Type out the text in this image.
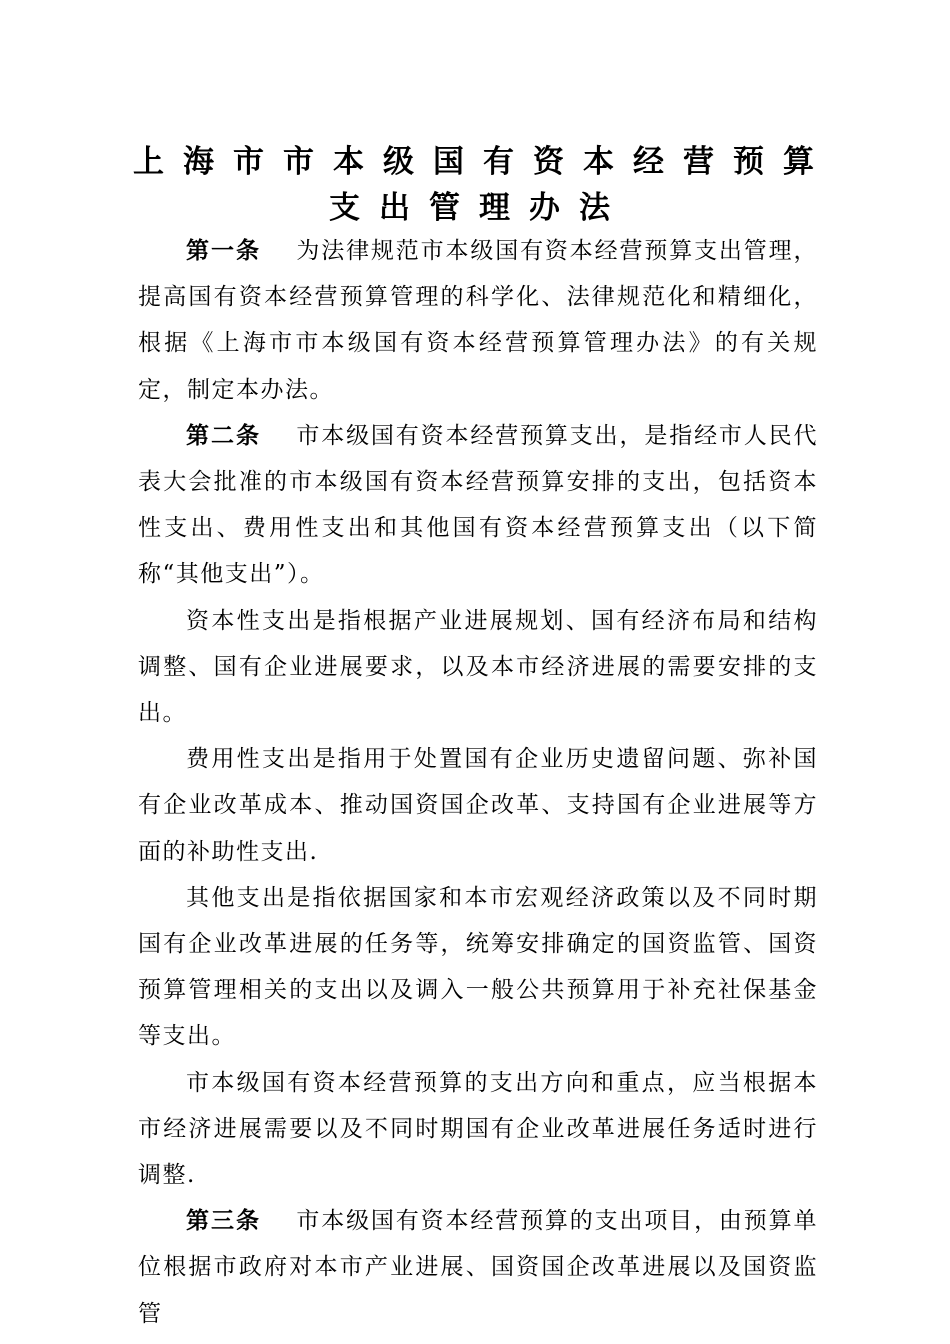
上海市市本级国有资本经营预算
支出管理办法

第一条 为法律规范市本级国有资本经营预算支出管理，提高国有资本经营预算管理的科学化、法律规范化和精细化，根据《上海市市本级国有资本经营预算管理办法》的有关规定，制定本办法。

第二条 市本级国有资本经营预算支出，是指经市人民代表大会批准的市本级国有资本经营预算安排的支出，包括资本性支出、费用性支出和其他国有资本经营预算支出（以下简称“其他支出”）。

资本性支出是指根据产业进展规划、国有经济布局和结构调整、国有企业进展要求，以及本市经济进展的需要安排的支出。

费用性支出是指用于处置国有企业历史遗留问题、弥补国有企业改革成本、推动国资国企改革、支持国有企业进展等方面的补助性支出.

其他支出是指依据国家和本市宏观经济政策以及不同时期国有企业改革进展的任务等，统筹安排确定的国资监管、国资预算管理相关的支出以及调入一般公共预算用于补充社保基金等支出。

市本级国有资本经营预算的支出方向和重点，应当根据本市经济进展需要以及不同时期国有企业改革进展任务适时进行调整.

第三条 市本级国有资本经营预算的支出项目，由预算单位根据市政府对本市产业进展、国资国企改革进展以及国资监管
